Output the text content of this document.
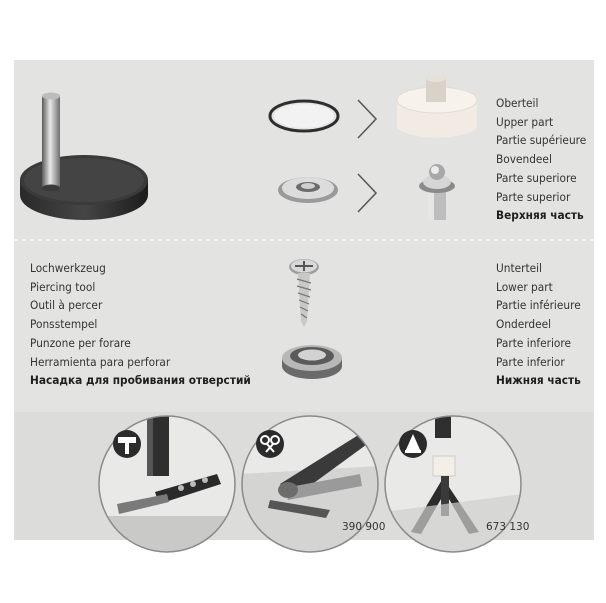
Oberteil
Upper part
Partie supérieure
Bovendeel
Parte superiore
Parte superior
Верхняя часть
Lochwerkzeug
Piercing tool
Outil à percer
Ponsstempel
Punzone per forare
Herramienta para perforar
Насадка для пробивания отверстий
Unterteil
Lower part
Partie inférieure
Onderdeel
Parte inferiore
Parte inferior
Нижняя часть
390 900	673 130
